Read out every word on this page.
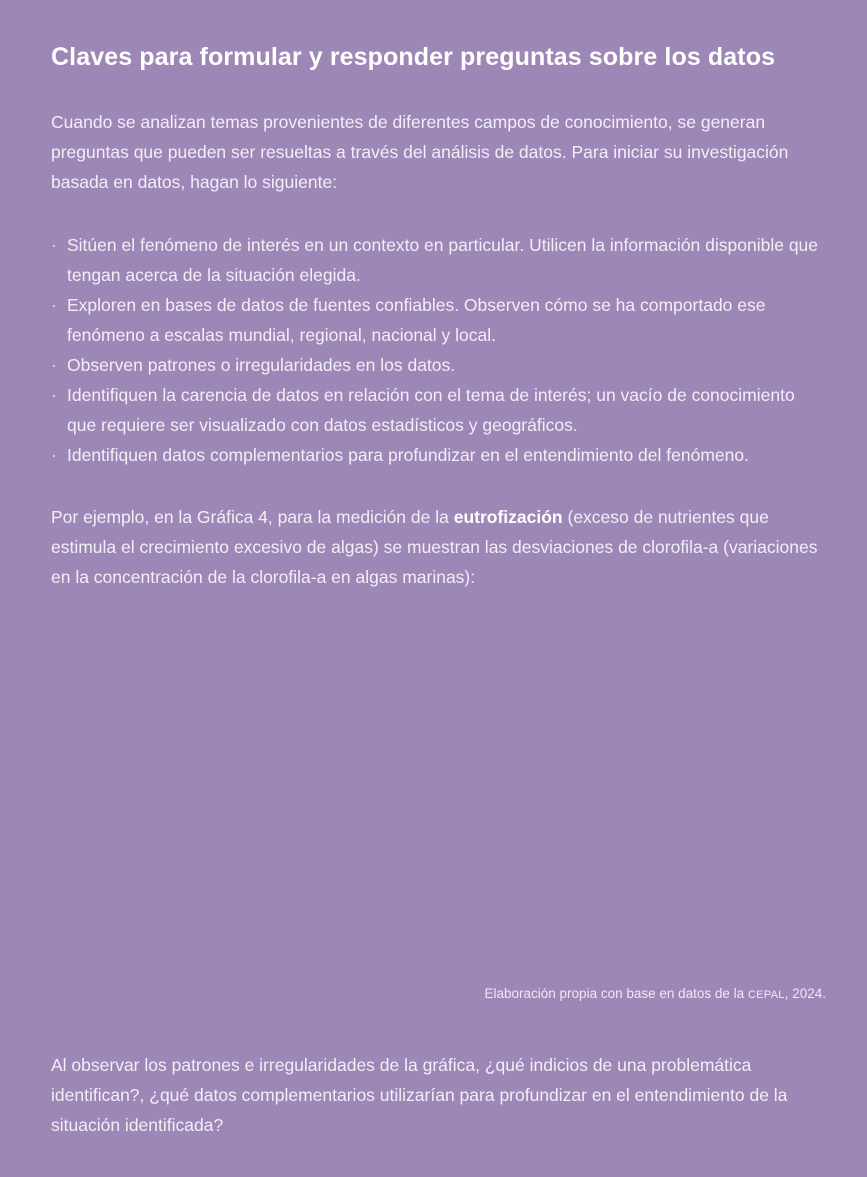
Claves para formular y responder preguntas sobre los datos

Cuando se analizan temas provenientes de diferentes campos de conocimiento, se generan preguntas que pueden ser resueltas a través del análisis de datos. Para iniciar su investigación basada en datos, hagan lo siguiente:

· Sitúen el fenómeno de interés en un contexto en particular. Utilicen la información disponible que tengan acerca de la situación elegida.
· Exploren en bases de datos de fuentes confiables. Observen cómo se ha comportado ese fenómeno a escalas mundial, regional, nacional y local.
· Observen patrones o irregularidades en los datos.
· Identifiquen la carencia de datos en relación con el tema de interés; un vacío de conocimiento que requiere ser visualizado con datos estadísticos y geográficos.
· Identifiquen datos complementarios para profundizar en el entendimiento del fenómeno.

Por ejemplo, en la Gráfica 4, para la medición de la eutrofización (exceso de nutrientes que estimula el crecimiento excesivo de algas) se muestran las desviaciones de clorofila-a (variaciones en la concentración de la clorofila-a en algas marinas):

Elaboración propia con base en datos de la CEPAL, 2024.

Al observar los patrones e irregularidades de la gráfica, ¿qué indicios de una problemática identifican?, ¿qué datos complementarios utilizarían para profundizar en el entendimiento de la situación identificada?
